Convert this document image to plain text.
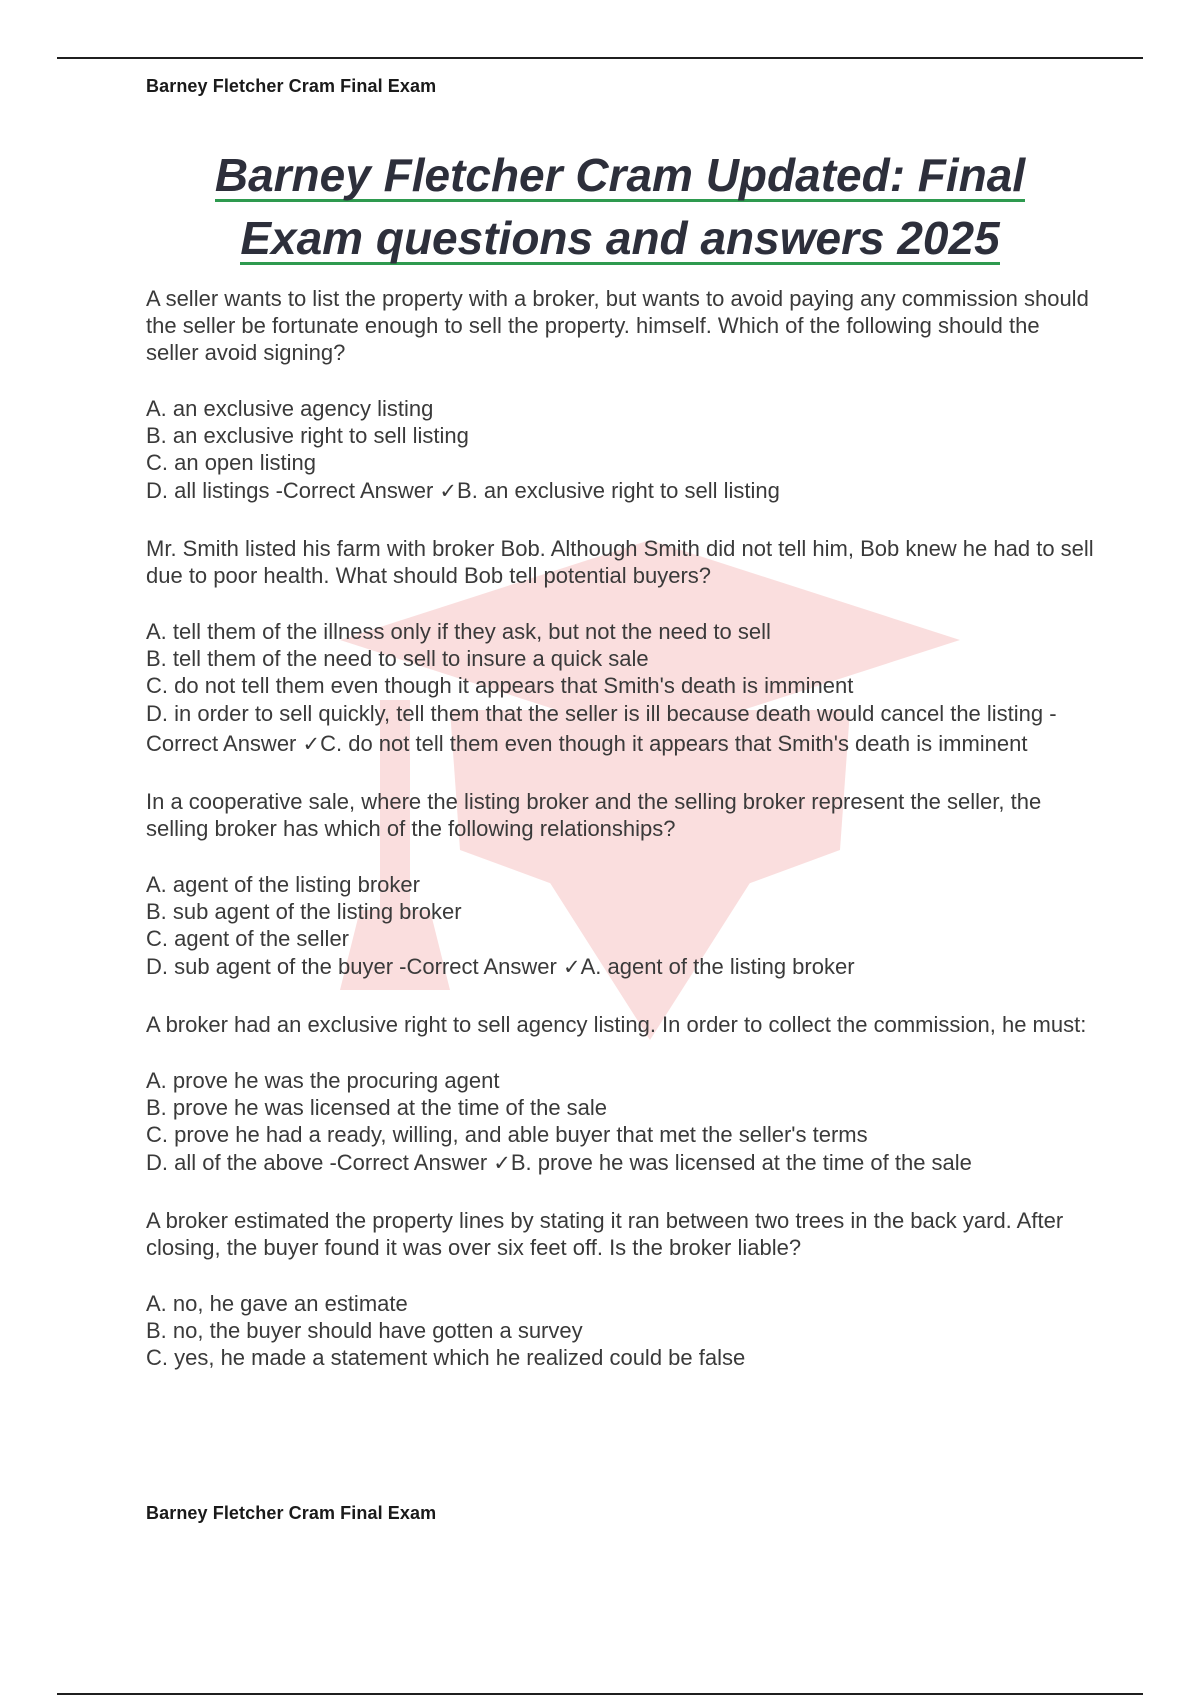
Barney Fletcher Cram Final Exam
Barney Fletcher Cram Updated: Final
Exam questions and answers 2025
A seller wants to list the property with a broker, but wants to avoid paying any commission should the seller be fortunate enough to sell the property. himself. Which of the following should the seller avoid signing?
A. an exclusive agency listing
B. an exclusive right to sell listing
C. an open listing
D. all listings -Correct Answer ✓B. an exclusive right to sell listing
Mr. Smith listed his farm with broker Bob. Although Smith did not tell him, Bob knew he had to sell due to poor health. What should Bob tell potential buyers?
A. tell them of the illness only if they ask, but not the need to sell
B. tell them of the need to sell to insure a quick sale
C. do not tell them even though it appears that Smith's death is imminent
D. in order to sell quickly, tell them that the seller is ill because death would cancel the listing -Correct Answer ✓C. do not tell them even though it appears that Smith's death is imminent
In a cooperative sale, where the listing broker and the selling broker represent the seller, the selling broker has which of the following relationships?
A. agent of the listing broker
B. sub agent of the listing broker
C. agent of the seller
D. sub agent of the buyer -Correct Answer ✓A. agent of the listing broker
A broker had an exclusive right to sell agency listing. In order to collect the commission, he must:
A. prove he was the procuring agent
B. prove he was licensed at the time of the sale
C. prove he had a ready, willing, and able buyer that met the seller's terms
D. all of the above -Correct Answer ✓B. prove he was licensed at the time of the sale
A broker estimated the property lines by stating it ran between two trees in the back yard. After closing, the buyer found it was over six feet off. Is the broker liable?
A. no, he gave an estimate
B. no, the buyer should have gotten a survey
C. yes, he made a statement which he realized could be false
Barney Fletcher Cram Final Exam
